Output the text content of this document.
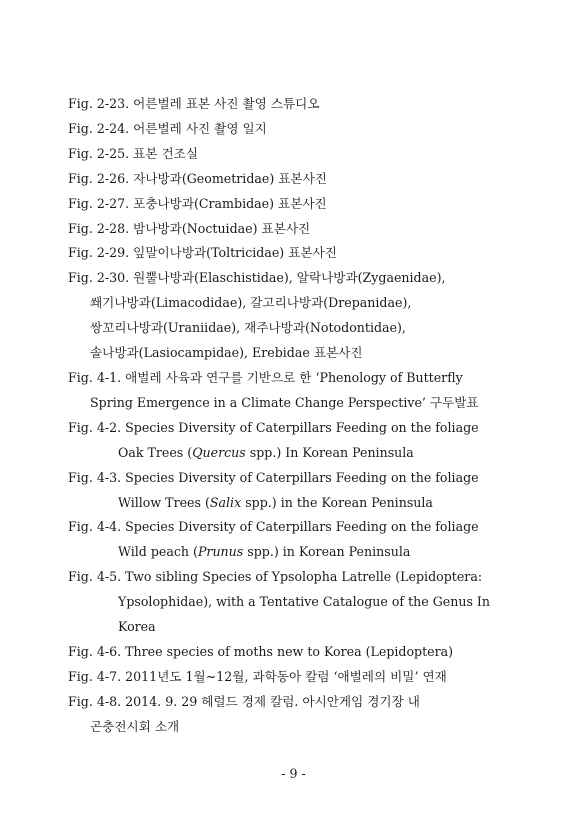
Fig. 2-23. 어른벌레 표본 사진 촬영 스튜디오
Fig. 2-24. 어른벌레 사진 촬영 일지
Fig. 2-25. 표본 건조실
Fig. 2-26. 자나방과(Geometridae) 표본사진
Fig. 2-27. 포충나방과(Crambidae) 표본사진
Fig. 2-28. 밤나방과(Noctuidae) 표본사진
Fig. 2-29. 잎말이나방과(Toltricidae) 표본사진
Fig. 2-30. 원뿔나방과(Elaschistidae), 알락나방과(Zygaenidae),
쐐기나방과(Limacodidae), 갈고리나방과(Drepanidae),
쌍꼬리나방과(Uraniidae), 재주나방과(Notodontidae),
솔나방과(Lasiocampidae), Erebidae 표본사진
Fig. 4-1. 애벌레 사육과 연구를 기반으로 한 ‘Phenology of Butterfly
Spring Emergence in a Climate Change Perspective’ 구두발표
Fig. 4-2. Species Diversity of Caterpillars Feeding on the foliage
Oak Trees (Quercus spp.) In Korean Peninsula
Fig. 4-3. Species Diversity of Caterpillars Feeding on the foliage
Willow Trees (Salix spp.) in the Korean Peninsula
Fig. 4-4. Species Diversity of Caterpillars Feeding on the foliage
Wild peach (Prunus spp.) in Korean Peninsula
Fig. 4-5. Two sibling Species of Ypsolopha Latrelle (Lepidoptera:
Ypsolophidae), with a Tentative Catalogue of the Genus In
Korea
Fig. 4-6. Three species of moths new to Korea (Lepidoptera)
Fig. 4-7. 2011년도 1월~12월, 과학동아 칼럼 ‘애벌레의 비밀’ 연재
Fig. 4-8. 2014. 9. 29 헤럴드 경제 칼럼. 아시안게임 경기장 내
곤충전시회 소개
- 9 -
